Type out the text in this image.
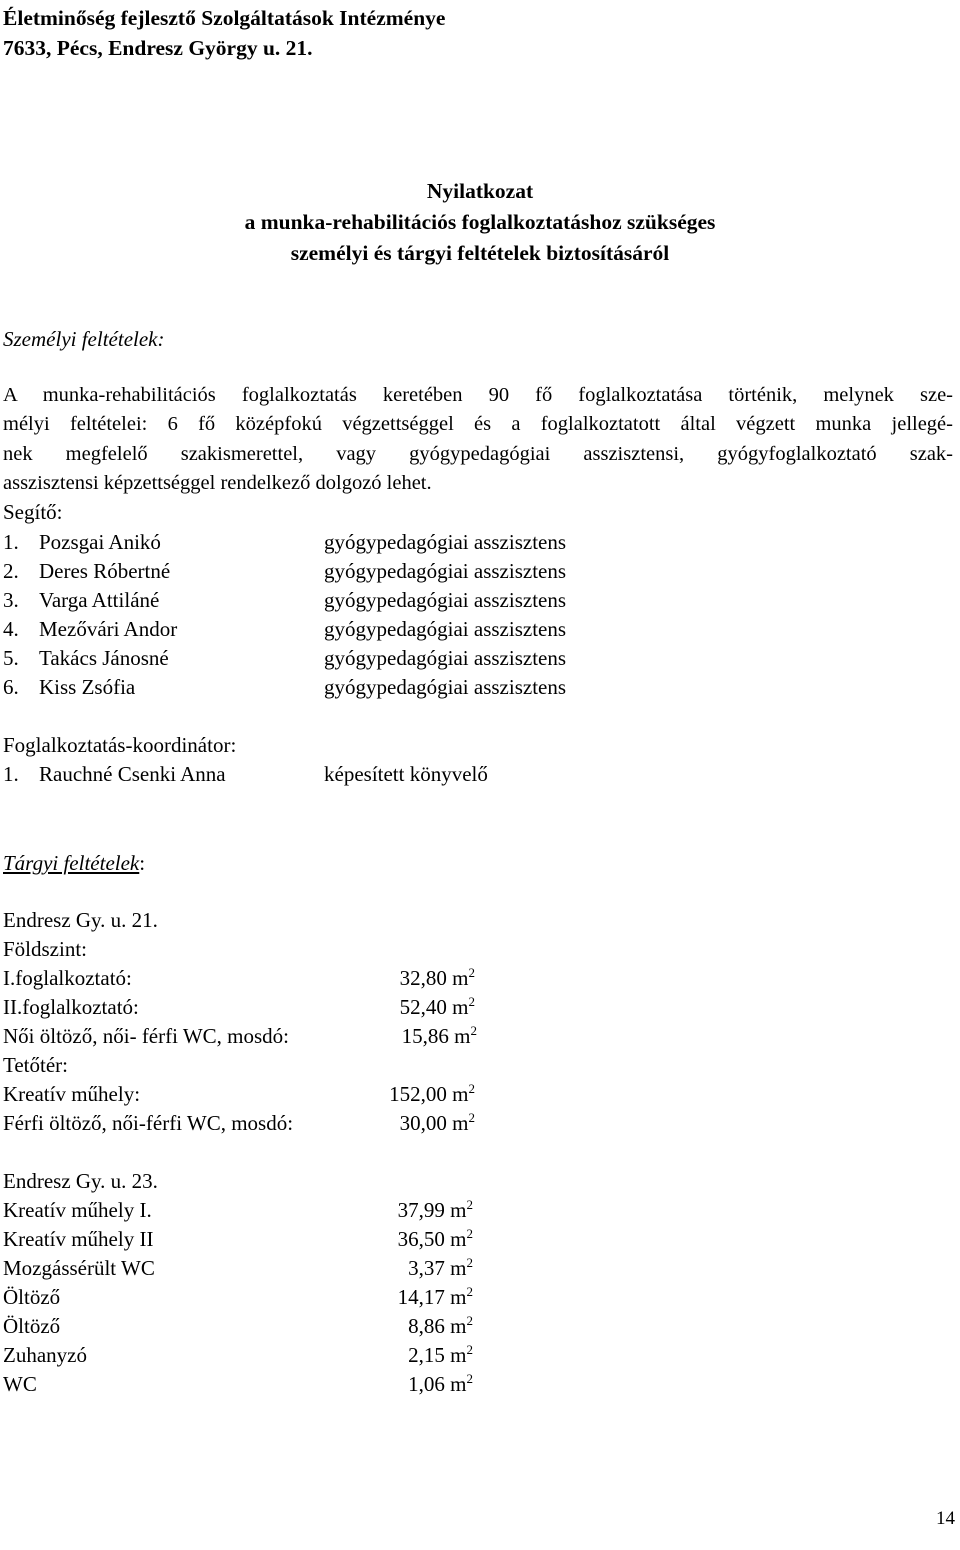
Életminőség fejlesztő Szolgáltatások Intézménye
7633, Pécs, Endresz György u. 21.
Nyilatkozat
a munka-rehabilitációs foglalkoztatáshoz szükséges
személyi és tárgyi feltételek biztosításáról
Személyi feltételek:
A munka-rehabilitációs foglalkoztatás keretében 90 fő foglalkoztatása történik, melynek sze-
mélyi feltételei: 6 fő középfokú végzettséggel és a foglalkoztatott által végzett munka jellegé-
nek megfelelő szakismerettel, vagy gyógypedagógiai asszisztensi, gyógyfoglalkoztató szak-
asszisztensi képzettséggel rendelkező dolgozó lehet.
Segítő:
1. Pozsgai Anikó	gyógypedagógiai asszisztens
2. Deres Róbertné	gyógypedagógiai asszisztens
3. Varga Attiláné	gyógypedagógiai asszisztens
4. Mezővári Andor	gyógypedagógiai asszisztens
5. Takács Jánosné	gyógypedagógiai asszisztens
6. Kiss Zsófia	gyógypedagógiai asszisztens
Foglalkoztatás-koordinátor:
1. Rauchné Csenki Anna	képesített könyvelő
Tárgyi feltételek:
Endresz Gy. u. 21.
Földszint:
I.foglalkoztató:	32,80 $m^2$
II.foglalkoztató:	52,40 $m^2$
Női öltöző, női- férfi WC, mosdó:	15,86 $m^2$
Tetőtér:
Kreatív műhely:	152,00 $m^2$
Férfi öltöző, női-férfi WC, mosdó:	30,00 $m^2$
Endresz Gy. u. 23.
Kreatív műhely I.	37,99 $m^2$
Kreatív műhely II	36,50 $m^2$
Mozgássérült WC	3,37 $m^2$
Öltöző	14,17 $m^2$
Öltöző	8,86 $m^2$
Zuhanyzó	2,15 $m^2$
WC	1,06 $m^2$
14
